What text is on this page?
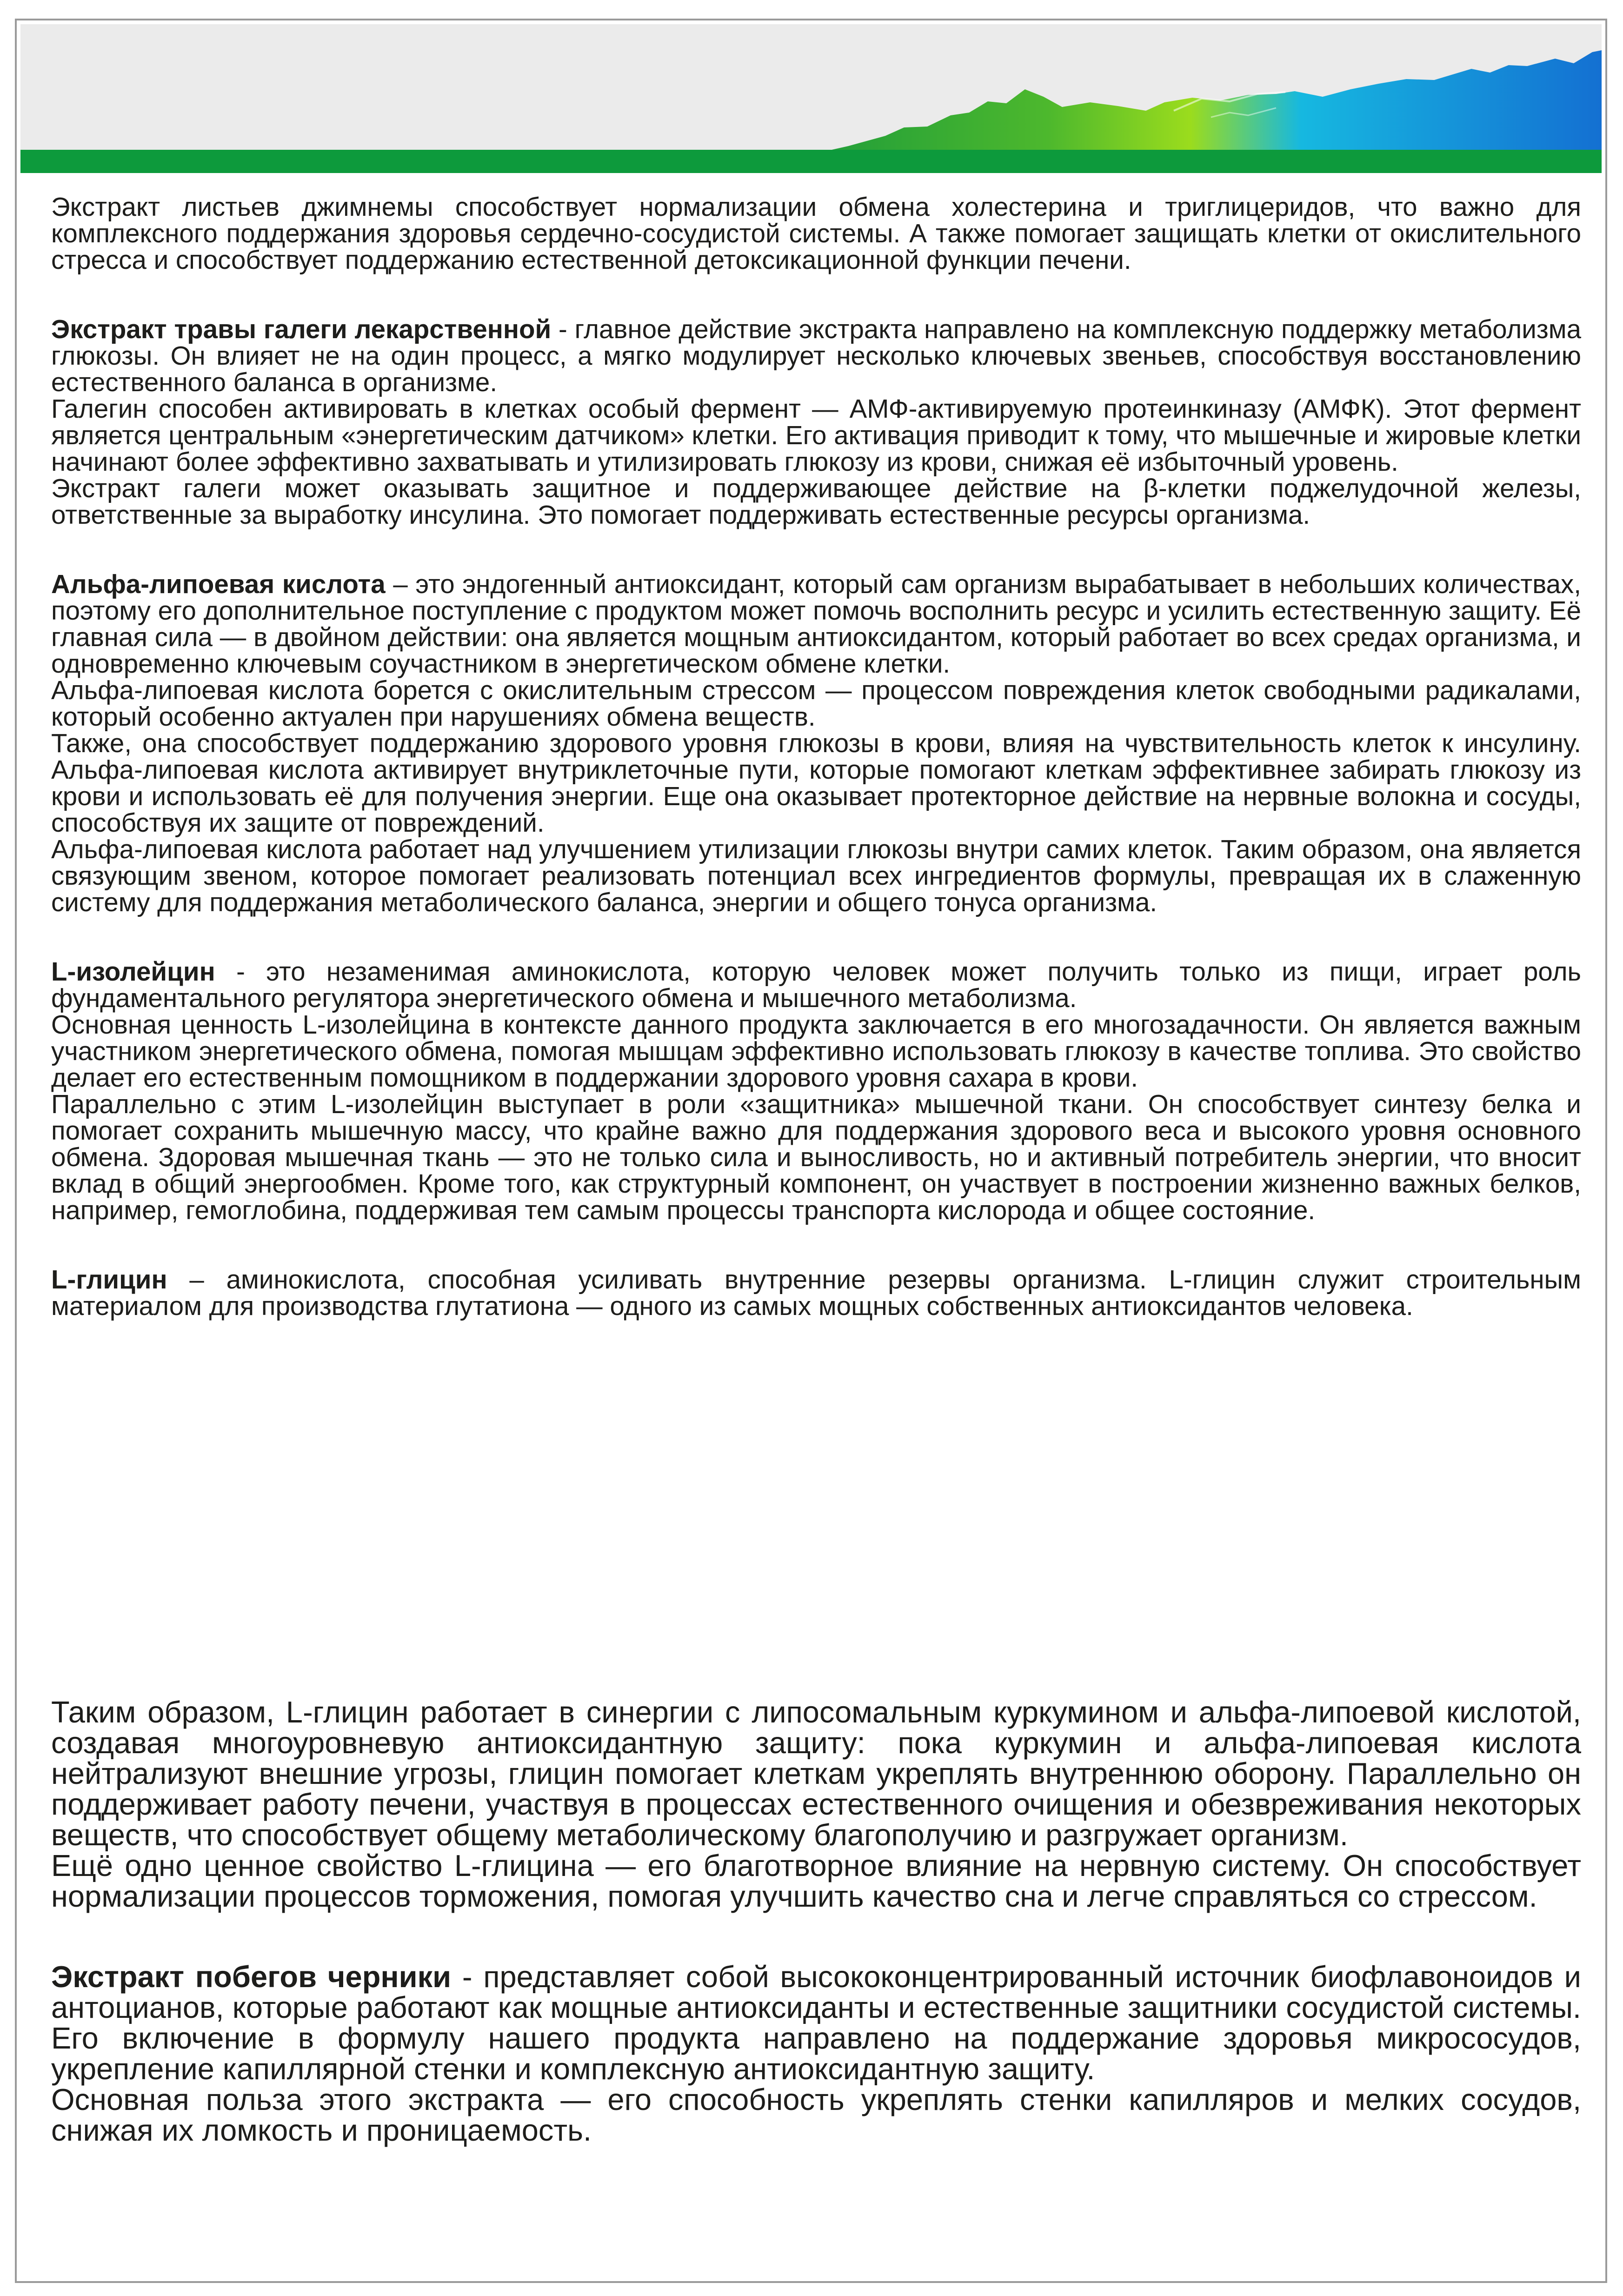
Экстракт листьев джимнемы способствует нормализации обмена холестерина и триглицеридов, что важно для комплексного поддержания здоровья сердечно-сосудистой системы. А также помогает защищать клетки от окислительного стресса и способствует поддержанию естественной детоксикационной функции печени.

Экстракт травы галеги лекарственной - главное действие экстракта направлено на комплексную поддержку метаболизма глюкозы. Он влияет не на один процесс, а мягко модулирует несколько ключевых звеньев, способствуя восстановлению естественного баланса в организме.

Галегин способен активировать в клетках особый фермент — АМФ-активируемую протеинкиназу (АМФК). Этот фермент является центральным «энергетическим датчиком» клетки. Его активация приводит к тому, что мышечные и жировые клетки начинают более эффективно захватывать и утилизировать глюкозу из крови, снижая её избыточный уровень.

Экстракт галеги может оказывать защитное и поддерживающее действие на β-клетки поджелудочной железы, ответственные за выработку инсулина. Это помогает поддерживать естественные ресурсы организма.

Альфа-липоевая кислота – это эндогенный антиоксидант, который сам организм вырабатывает в небольших количествах, поэтому его дополнительное поступление с продуктом может помочь восполнить ресурс и усилить естественную защиту. Её главная сила — в двойном действии: она является мощным антиоксидантом, который работает во всех средах организма, и одновременно ключевым соучастником в энергетическом обмене клетки.

Альфа-липоевая кислота борется с окислительным стрессом — процессом повреждения клеток свободными радикалами, который особенно актуален при нарушениях обмена веществ.

Также, она способствует поддержанию здорового уровня глюкозы в крови, влияя на чувствительность клеток к инсулину. Альфа-липоевая кислота активирует внутриклеточные пути, которые помогают клеткам эффективнее забирать глюкозу из крови и использовать её для получения энергии. Еще она оказывает протекторное действие на нервные волокна и сосуды, способствуя их защите от повреждений.

Альфа-липоевая кислота работает над улучшением утилизации глюкозы внутри самих клеток. Таким образом, она является связующим звеном, которое помогает реализовать потенциал всех ингредиентов формулы, превращая их в слаженную систему для поддержания метаболического баланса, энергии и общего тонуса организма.

L-изолейцин - это незаменимая аминокислота, которую человек может получить только из пищи, играет роль фундаментального регулятора энергетического обмена и мышечного метаболизма.

Основная ценность L-изолейцина в контексте данного продукта заключается в его многозадачности. Он является важным участником энергетического обмена, помогая мышцам эффективно использовать глюкозу в качестве топлива. Это свойство делает его естественным помощником в поддержании здорового уровня сахара в крови.

Параллельно с этим L-изолейцин выступает в роли «защитника» мышечной ткани. Он способствует синтезу белка и помогает сохранить мышечную массу, что крайне важно для поддержания здорового веса и высокого уровня основного обмена. Здоровая мышечная ткань — это не только сила и выносливость, но и активный потребитель энергии, что вносит вклад в общий энергообмен. Кроме того, как структурный компонент, он участвует в построении жизненно важных белков, например, гемоглобина, поддерживая тем самым процессы транспорта кислорода и общее состояние.

L-глицин – аминокислота, способная усиливать внутренние резервы организма. L-глицин служит строительным материалом для производства глутатиона — одного из самых мощных собственных антиоксидантов человека.

Таким образом, L-глицин работает в синергии с липосомальным куркумином и альфа-липоевой кислотой, создавая многоуровневую антиоксидантную защиту: пока куркумин и альфа-липоевая кислота нейтрализуют внешние угрозы, глицин помогает клеткам укреплять внутреннюю оборону. Параллельно он поддерживает работу печени, участвуя в процессах естественного очищения и обезвреживания некоторых веществ, что способствует общему метаболическому благополучию и разгружает организм.

Ещё одно ценное свойство L-глицина — его благотворное влияние на нервную систему. Он способствует нормализации процессов торможения, помогая улучшить качество сна и легче справляться со стрессом.

Экстракт побегов черники - представляет собой высококонцентрированный источник биофлавоноидов и антоцианов, которые работают как мощные антиоксиданты и естественные защитники сосудистой системы. Его включение в формулу нашего продукта направлено на поддержание здоровья микрососудов, укрепление капиллярной стенки и комплексную антиоксидантную защиту.

Основная польза этого экстракта — его способность укреплять стенки капилляров и мелких сосудов, снижая их ломкость и проницаемость.
